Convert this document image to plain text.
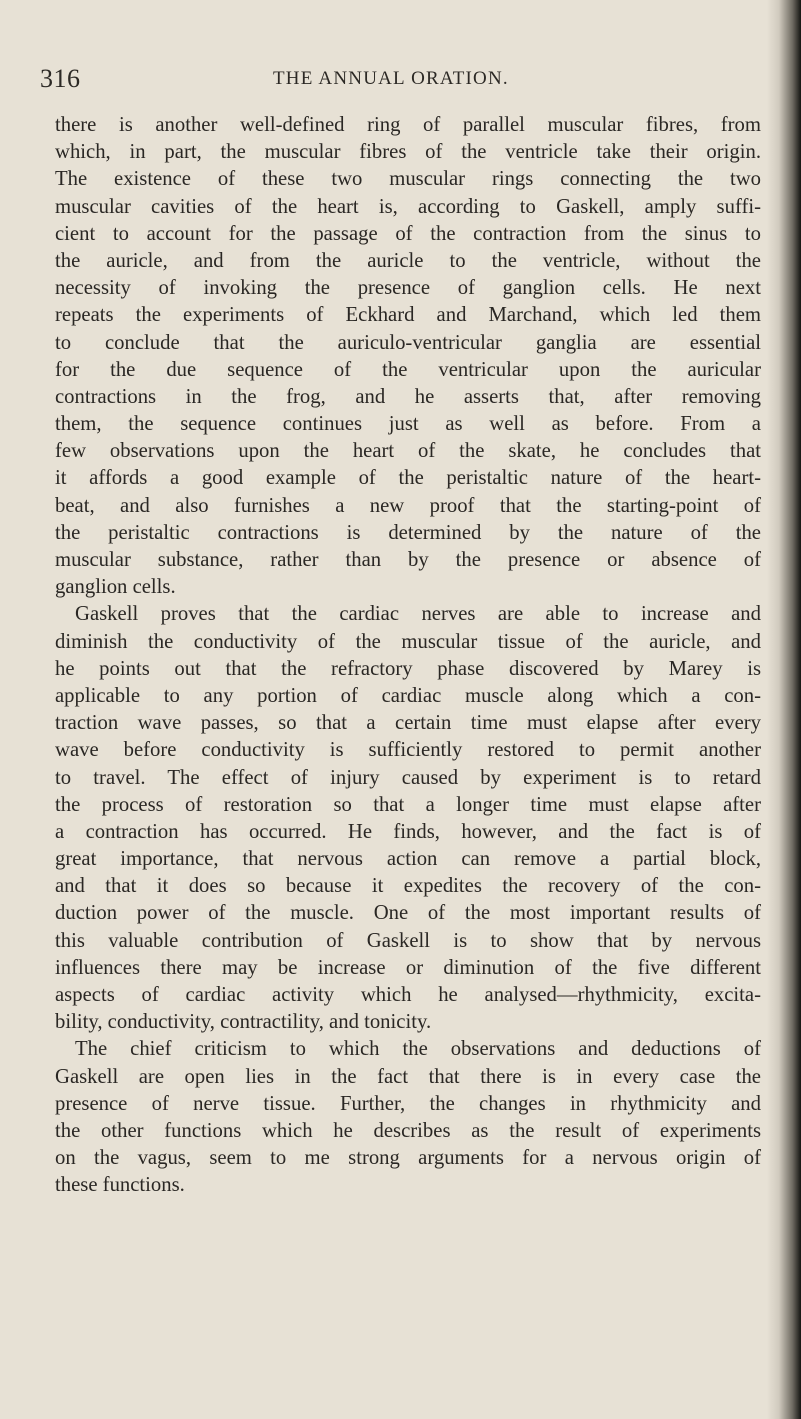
316	THE ANNUAL ORATION.
there is another well-defined ring of parallel muscular fibres, from
which, in part, the muscular fibres of the ventricle take their origin.
The existence of these two muscular rings connecting the two
muscular cavities of the heart is, according to Gaskell, amply suffi-
cient to account for the passage of the contraction from the sinus to
the auricle, and from the auricle to the ventricle, without the
necessity of invoking the presence of ganglion cells. He next
repeats the experiments of Eckhard and Marchand, which led them
to conclude that the auriculo-ventricular ganglia are essential
for the due sequence of the ventricular upon the auricular
contractions in the frog, and he asserts that, after removing
them, the sequence continues just as well as before. From a
few observations upon the heart of the skate, he concludes that
it affords a good example of the peristaltic nature of the heart-
beat, and also furnishes a new proof that the starting-point of
the peristaltic contractions is determined by the nature of the
muscular substance, rather than by the presence or absence of
ganglion cells.
Gaskell proves that the cardiac nerves are able to increase and
diminish the conductivity of the muscular tissue of the auricle, and
he points out that the refractory phase discovered by Marey is
applicable to any portion of cardiac muscle along which a con-
traction wave passes, so that a certain time must elapse after every
wave before conductivity is sufficiently restored to permit another
to travel. The effect of injury caused by experiment is to retard
the process of restoration so that a longer time must elapse after
a contraction has occurred. He finds, however, and the fact is of
great importance, that nervous action can remove a partial block,
and that it does so because it expedites the recovery of the con-
duction power of the muscle. One of the most important results of
this valuable contribution of Gaskell is to show that by nervous
influences there may be increase or diminution of the five different
aspects of cardiac activity which he analysed—rhythmicity, excita-
bility, conductivity, contractility, and tonicity.
The chief criticism to which the observations and deductions of
Gaskell are open lies in the fact that there is in every case the
presence of nerve tissue. Further, the changes in rhythmicity and
the other functions which he describes as the result of experiments
on the vagus, seem to me strong arguments for a nervous origin of
these functions.
